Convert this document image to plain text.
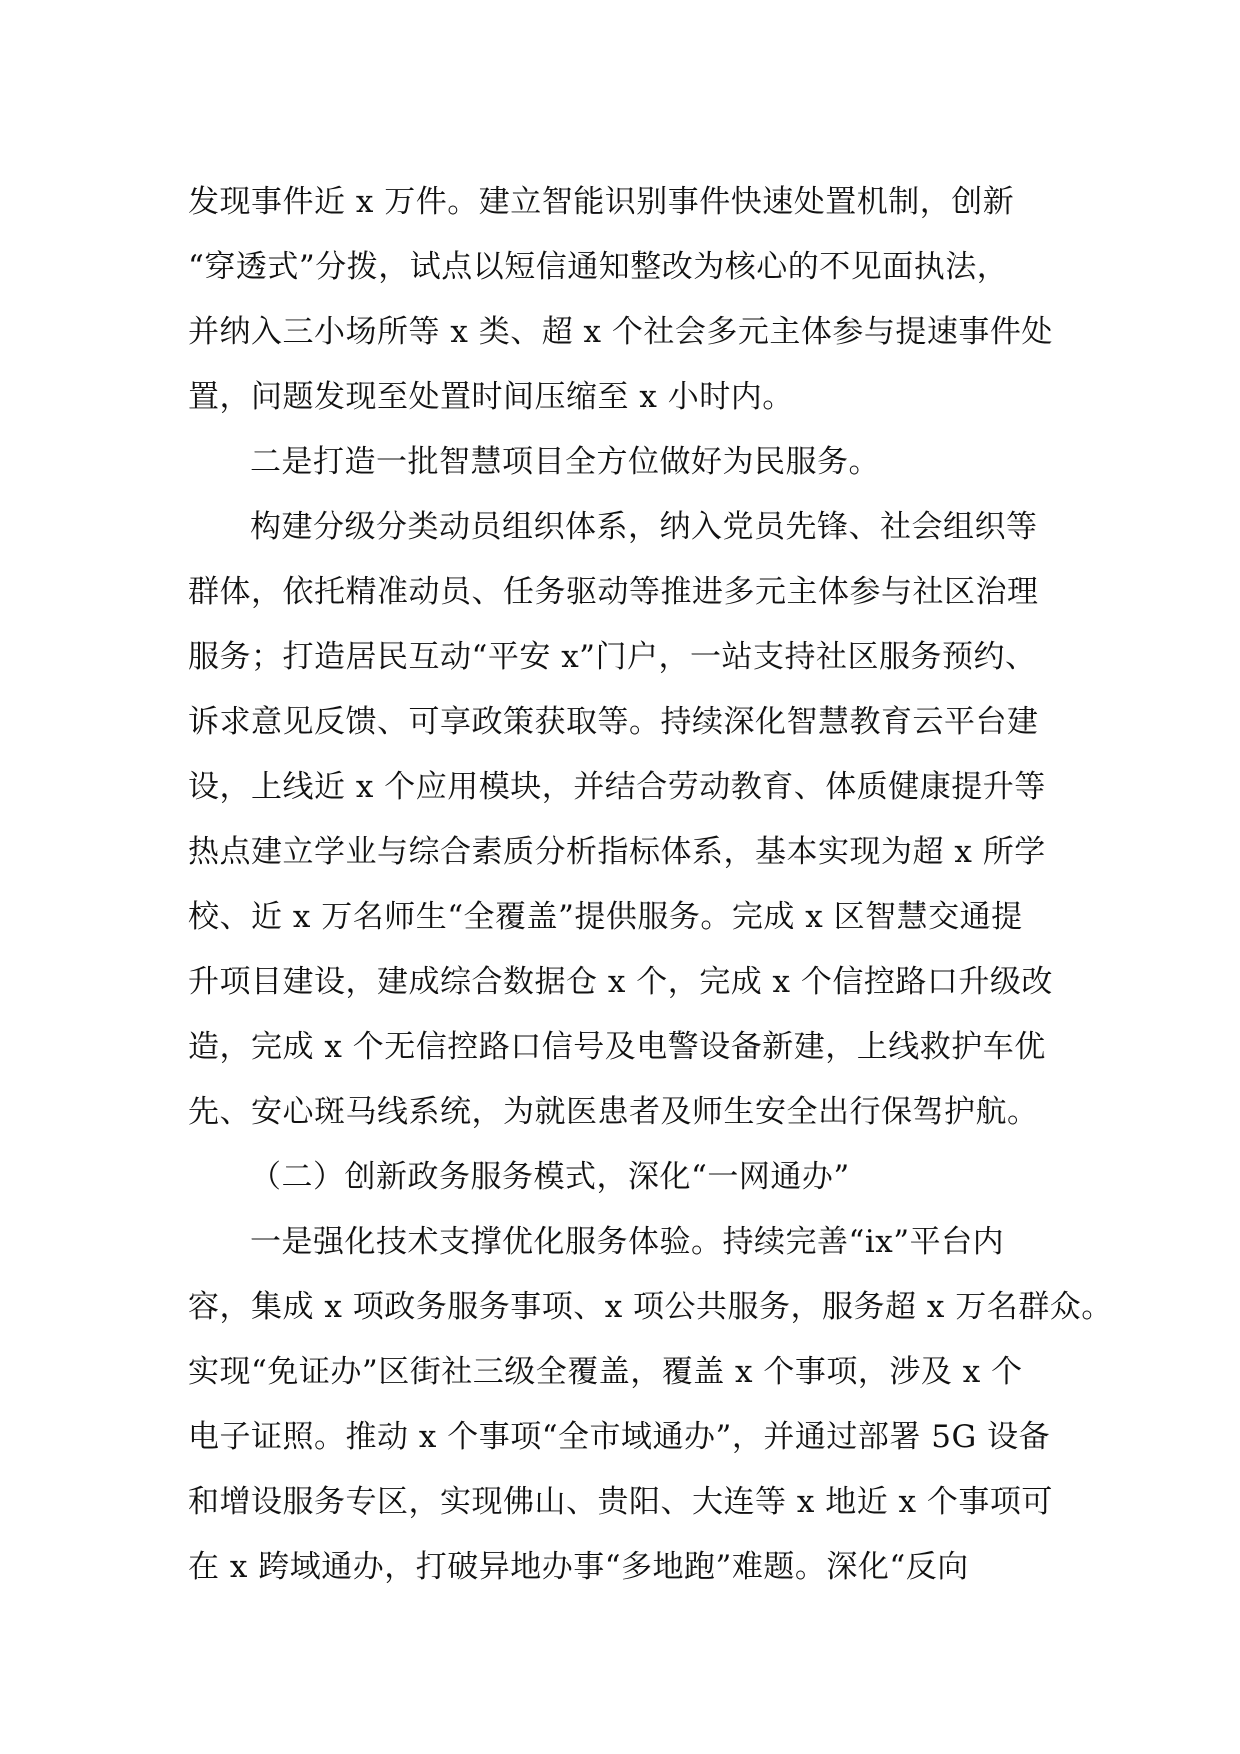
发现事件近 x 万件。建立智能识别事件快速处置机制，创新
“穿透式”分拨，试点以短信通知整改为核心的不见面执法，
并纳入三小场所等 x 类、超 x 个社会多元主体参与提速事件处
置，问题发现至处置时间压缩至 x 小时内。
二是打造一批智慧项目全方位做好为民服务。
构建分级分类动员组织体系，纳入党员先锋、社会组织等
群体，依托精准动员、任务驱动等推进多元主体参与社区治理
服务；打造居民互动“平安 x”门户，一站支持社区服务预约、
诉求意见反馈、可享政策获取等。持续深化智慧教育云平台建
设，上线近 x 个应用模块，并结合劳动教育、体质健康提升等
热点建立学业与综合素质分析指标体系，基本实现为超 x 所学
校、近 x 万名师生“全覆盖”提供服务。完成 x 区智慧交通提
升项目建设，建成综合数据仓 x 个，完成 x 个信控路口升级改
造，完成 x 个无信控路口信号及电警设备新建，上线救护车优
先、安心斑马线系统，为就医患者及师生安全出行保驾护航。
（二）创新政务服务模式，深化“一网通办”
一是强化技术支撑优化服务体验。持续完善“ix”平台内
容，集成 x 项政务服务事项、x 项公共服务，服务超 x 万名群众。
实现“免证办”区街社三级全覆盖，覆盖 x 个事项，涉及 x 个
电子证照。推动 x 个事项“全市域通办”，并通过部署 5G 设备
和增设服务专区，实现佛山、贵阳、大连等 x 地近 x 个事项可
在 x 跨域通办，打破异地办事“多地跑”难题。深化“反向
